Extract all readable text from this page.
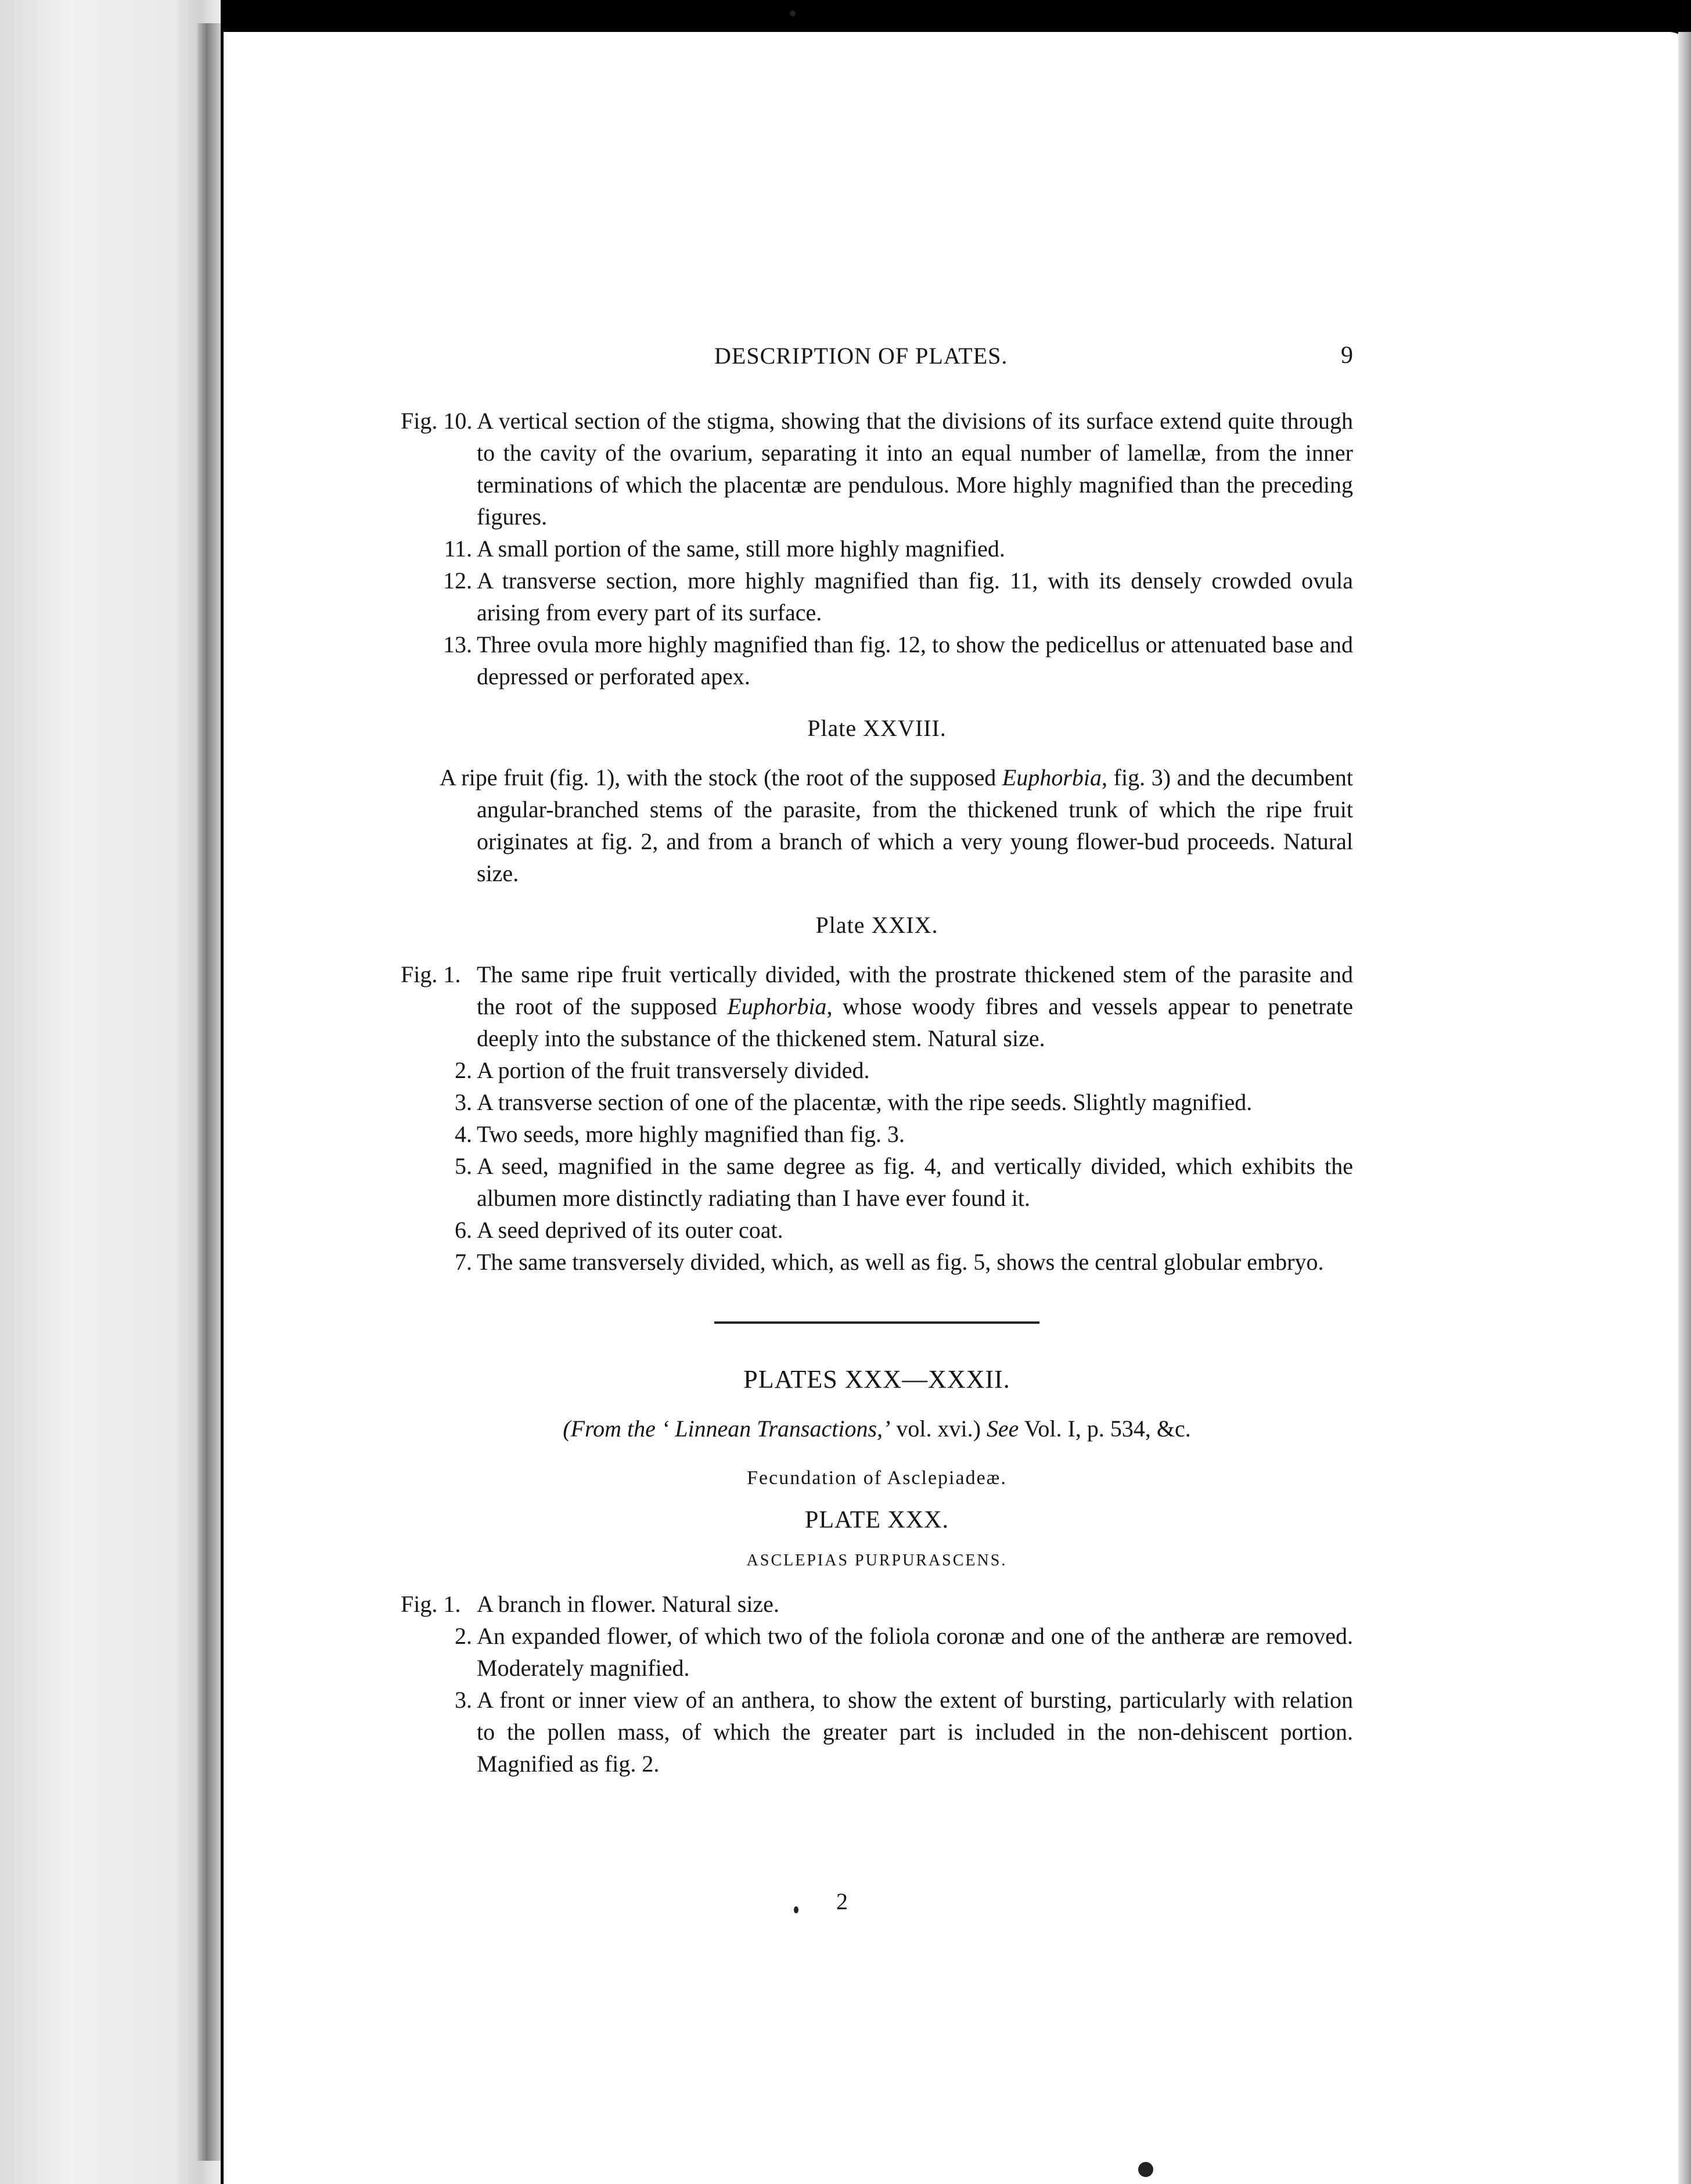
DESCRIPTION OF PLATES.	9

Fig. 10. A vertical section of the stigma, showing that the divisions of its surface extend quite through to the cavity of the ovarium, separating it into an equal number of lamellæ, from the inner terminations of which the placentæ are pendulous. More highly magnified than the preceding figures.

11. A small portion of the same, still more highly magnified.

12. A transverse section, more highly magnified than fig. 11, with its densely crowded ovula arising from every part of its surface.

13. Three ovula more highly magnified than fig. 12, to show the pedicellus or attenuated base and depressed or perforated apex.

Plate XXVIII.

A ripe fruit (fig. 1), with the stock (the root of the supposed Euphorbia, fig. 3) and the decumbent angular-branched stems of the parasite, from the thickened trunk of which the ripe fruit originates at fig. 2, and from a branch of which a very young flower-bud proceeds. Natural size.

Plate XXIX.

Fig. 1. The same ripe fruit vertically divided, with the prostrate thickened stem of the parasite and the root of the supposed Euphorbia, whose woody fibres and vessels appear to penetrate deeply into the substance of the thickened stem. Natural size.

2. A portion of the fruit transversely divided.

3. A transverse section of one of the placentæ, with the ripe seeds. Slightly magnified.

4. Two seeds, more highly magnified than fig. 3.

5. A seed, magnified in the same degree as fig. 4, and vertically divided, which exhibits the albumen more distinctly radiating than I have ever found it.

6. A seed deprived of its outer coat.

7. The same transversely divided, which, as well as fig. 5, shows the central globular embryo.

PLATES XXX—XXXII.
(From the ‘ Linnean Transactions,’ vol. xvi.) See Vol. I, p. 534, &c.
Fecundation of Asclepiadeæ.
PLATE XXX.
ASCLEPIAS PURPURASCENS.

Fig. 1. A branch in flower. Natural size.

2. An expanded flower, of which two of the foliola coronæ and one of the antheræ are removed. Moderately magnified.

3. A front or inner view of an anthera, to show the extent of bursting, particularly with relation to the pollen mass, of which the greater part is included in the non-dehiscent portion. Magnified as fig. 2.

2
